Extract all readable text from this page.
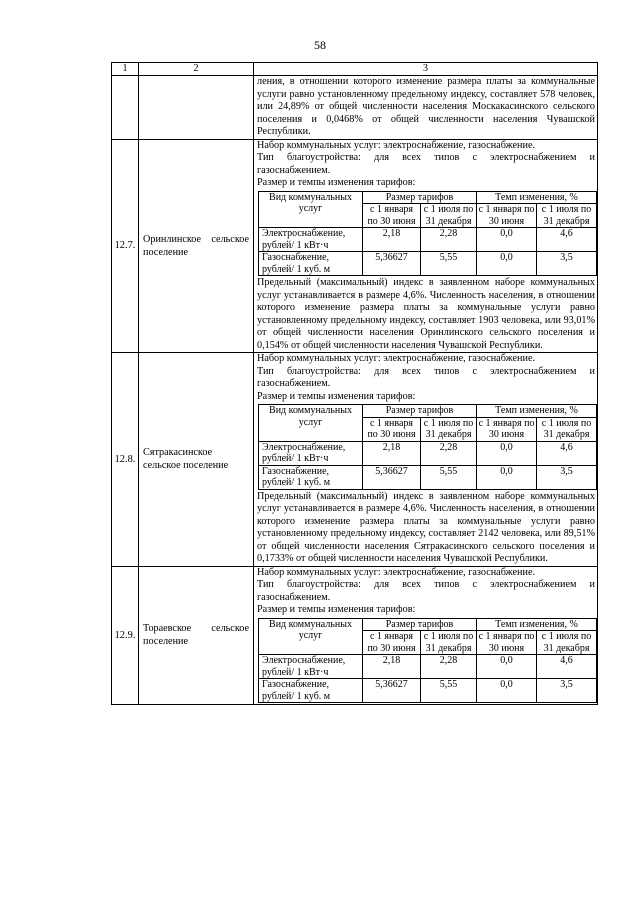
58
1	2	3

ления, в отношении которого изменение размера платы за коммунальные услуги равно установленному предельному индексу, составляет 578 человек, или 24,89% от общей численности населения Москакасинского сельского поселения и 0,0468% от общей численности населения Чувашской Республики.

12.7.	Оринлинское сельское поселение	

Набор коммунальных услуг: электроснабжение, газоснабжение.

Тип благоустройства: для всех типов с электроснабжением и газоснабжением.

Размер и темпы изменения тарифов:

Вид коммунальных услуг	Размер тарифов	Темп изменения, %
с 1 января по 30 июня	с 1 июля по 31 декабря	с 1 января по 30 июня	с 1 июля по 31 декабря
Электроснабжение, рублей/ 1 кВт·ч	2,18	2,28	0,0	4,6
Газоснабжение, рублей/ 1 куб. м	5,36627	5,55	0,0	3,5

Предельный (максимальный) индекс в заявленном наборе коммунальных услуг устанавливается в размере 4,6%. Численность населения, в отношении которого изменение размера платы за коммунальные услуги равно установленному предельному индексу, составляет 1903 человека, или 93,01% от общей численности населения Оринлинского сельского поселения и 0,154% от общей численности населения Чувашской Республики.

12.8.	Сятракасинское сельское поселение	

Набор коммунальных услуг: электроснабжение, газоснабжение.

Тип благоустройства: для всех типов с электроснабжением и газоснабжением.

Размер и темпы изменения тарифов:

Вид коммунальных услуг	Размер тарифов	Темп изменения, %
с 1 января по 30 июня	с 1 июля по 31 декабря	с 1 января по 30 июня	с 1 июля по 31 декабря
Электроснабжение, рублей/ 1 кВт·ч	2,18	2,28	0,0	4,6
Газоснабжение, рублей/ 1 куб. м	5,36627	5,55	0,0	3,5

Предельный (максимальный) индекс в заявленном наборе коммунальных услуг устанавливается в размере 4,6%. Численность населения, в отношении которого изменение размера платы за коммунальные услуги равно установленному предельному индексу, составляет 2142 человека, или 89,51% от общей численности населения Сятракасинского сельского поселения и 0,1733% от общей численности населения Чувашской Республики.

12.9.	Тораевское сельское поселение	

Набор коммунальных услуг: электроснабжение, газоснабжение.

Тип благоустройства: для всех типов с электроснабжением и газоснабжением.

Размер и темпы изменения тарифов:

Вид коммунальных услуг	Размер тарифов	Темп изменения, %
с 1 января по 30 июня	с 1 июля по 31 декабря	с 1 января по 30 июня	с 1 июля по 31 декабря
Электроснабжение, рублей/ 1 кВт·ч	2,18	2,28	0,0	4,6
Газоснабжение, рублей/ 1 куб. м	5,36627	5,55	0,0	3,5
